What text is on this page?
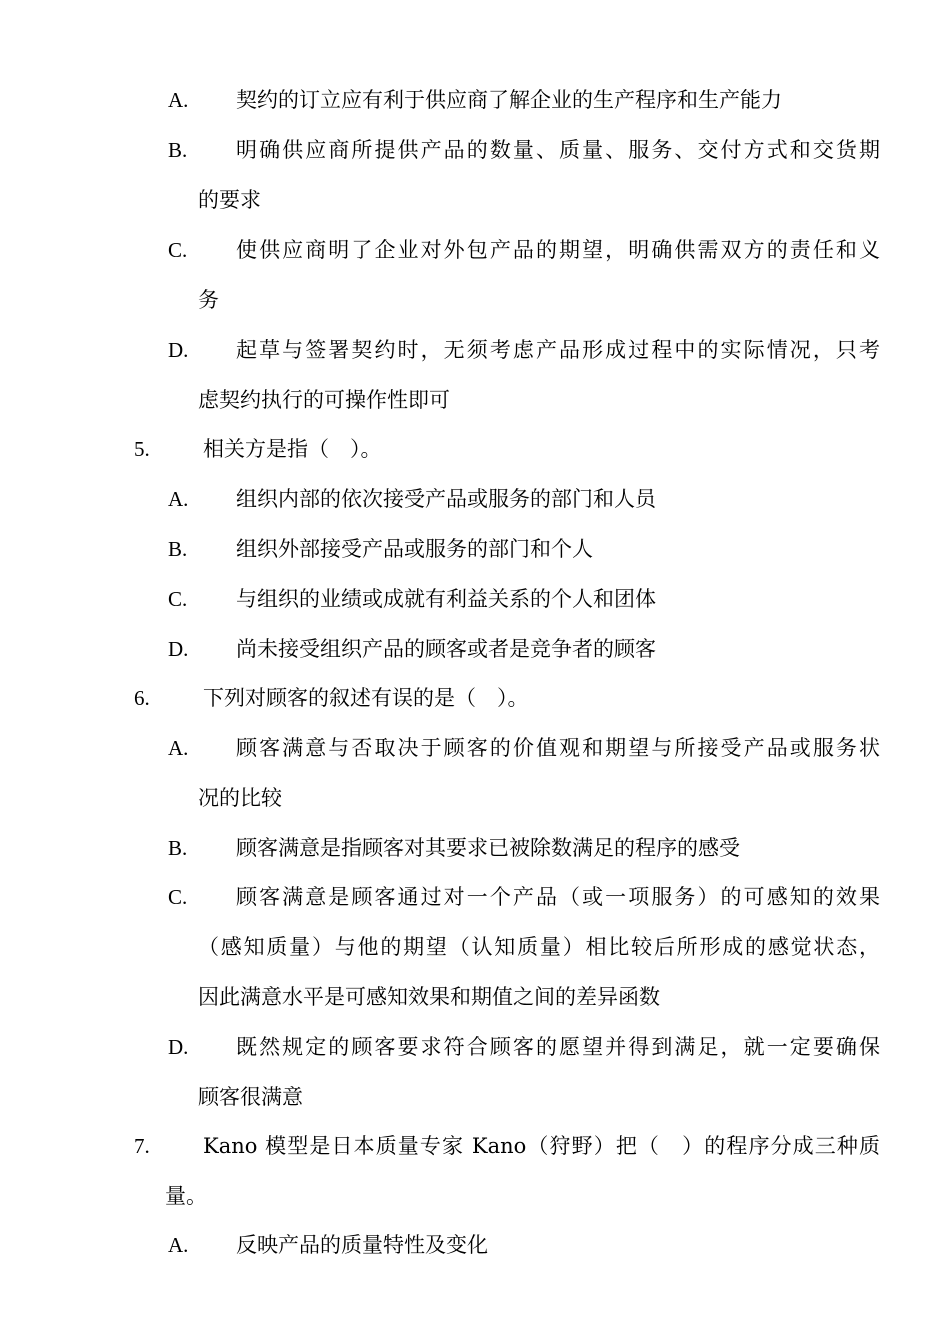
A. 契约的订立应有利于供应商了解企业的生产程序和生产能力
B. 明确供应商所提供产品的数量、质量、服务、交付方式和交货期
的要求
C. 使供应商明了企业对外包产品的期望，明确供需双方的责任和义
务
D. 起草与签署契约时，无须考虑产品形成过程中的实际情况，只考
虑契约执行的可操作性即可
5.	相关方是指（　）。
A. 组织内部的依次接受产品或服务的部门和人员
B. 组织外部接受产品或服务的部门和个人
C. 与组织的业绩或成就有利益关系的个人和团体
D. 尚未接受组织产品的顾客或者是竞争者的顾客
6.	下列对顾客的叙述有误的是（　）。
A. 顾客满意与否取决于顾客的价值观和期望与所接受产品或服务状
况的比较
B. 顾客满意是指顾客对其要求已被除数满足的程序的感受
C. 顾客满意是顾客通过对一个产品（或一项服务）的可感知的效果
（感知质量）与他的期望（认知质量）相比较后所形成的感觉状态，
因此满意水平是可感知效果和期值之间的差异函数
D. 既然规定的顾客要求符合顾客的愿望并得到满足，就一定要确保
顾客很满意
7.	Kano 模型是日本质量专家 Kano（狩野）把（　）的程序分成三种质
量。
A. 反映产品的质量特性及变化
